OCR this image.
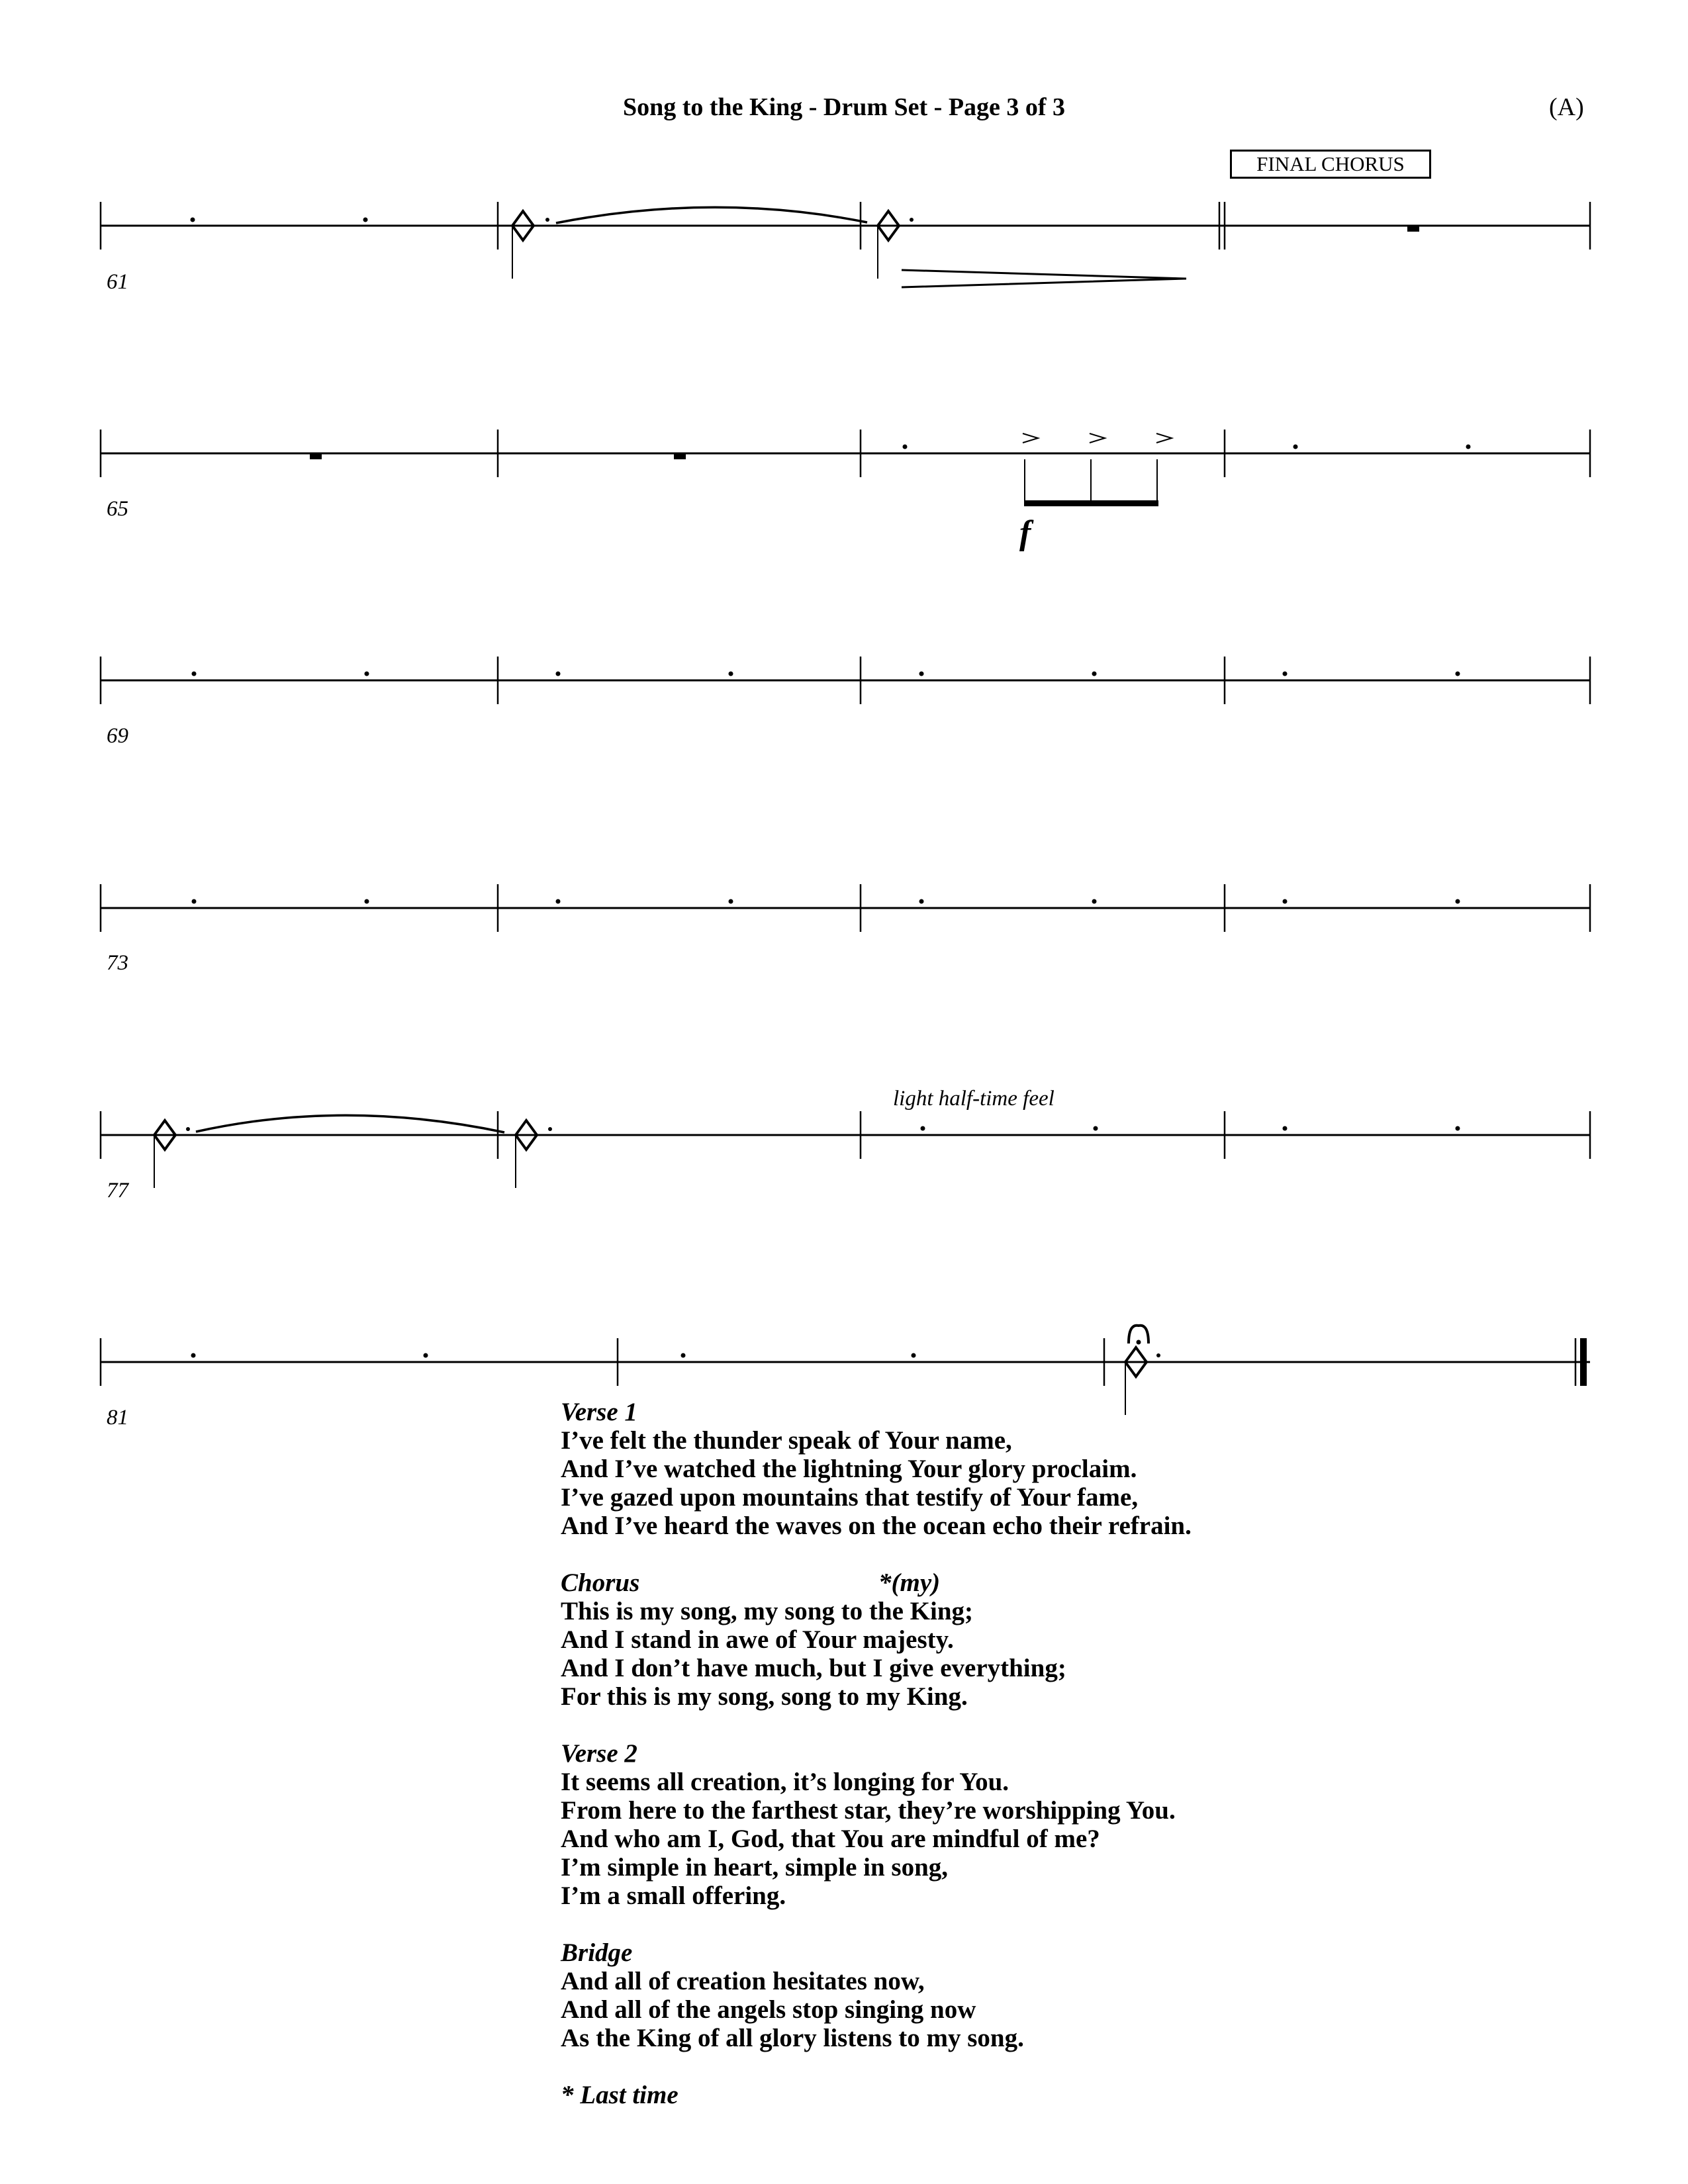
Song to the King - Drum Set - Page 3 of 3	(A)
FINAL CHORUS
61
65
69
73
77
81
light half-time feel
f
Verse 1
I’ve felt the thunder speak of Your name,
And I’ve watched the lightning Your glory proclaim.
I’ve gazed upon mountains that testify of Your fame,
And I’ve heard the waves on the ocean echo their refrain.
Chorus	*(my)
This is my song, my song to the King;
And I stand in awe of Your majesty.
And I don’t have much, but I give everything;
For this is my song, song to my King.
Verse 2
It seems all creation, it’s longing for You.
From here to the farthest star, they’re worshipping You.
And who am I, God, that You are mindful of me?
I’m simple in heart, simple in song,
I’m a small offering.
Bridge
And all of creation hesitates now,
And all of the angels stop singing now
As the King of all glory listens to my song.
* Last time
